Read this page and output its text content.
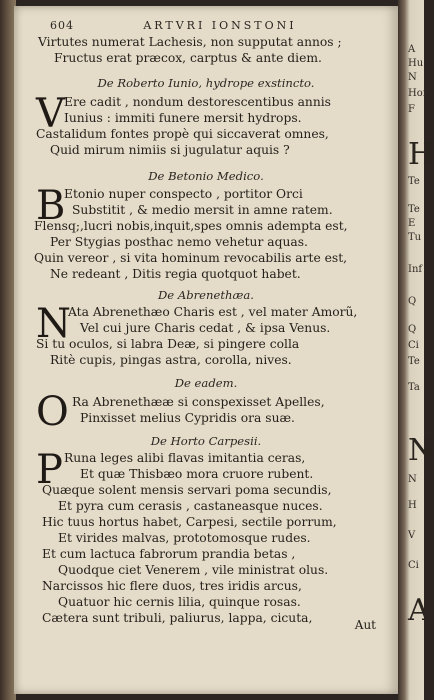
604	ARTVRI IONSTONI
Virtutes numerat Lachesis, non supputat annos ;
Fructus erat præcox, carptus & ante diem.
De Roberto Iunio, hydrope exstincto.
V Ere cadit , nondum destorescentibus annis
Iunius : immiti funere mersit hydrops.
Castalidum fontes propè qui siccaverat omnes,
Quid mirum nimiis si jugulatur aquis ?
De Betonio Medico.
B
Etonio nuper conspecto , portitor Orci
Substitit , & medio mersit in amne ratem.
Flensq;,lucri nobis,inquit,spes omnis adempta est,
Per Stygias posthac nemo vehetur aquas.
Quin vereor , si vita hominum revocabilis arte est,
Ne redeant , Ditis regia quotquot habet.
De Abrenethæa.
N
Ata Abrenethæo Charis est , vel mater Amorũ,
Vel cui jure Charis cedat , & ipsa Venus.
Si tu oculos, si labra Deæ, si pingere colla
Ritè cupis, pingas astra, corolla, nives.
De eadem.
O Ra Abrenethææ si conspexisset Apelles,
Pinxisset melius Cypridis ora suæ.
De Horto Carpesii.
P Runa leges alibi flavas imitantia ceras,
Et quæ Thisbæo mora cruore rubent.
Quæque solent mensis servari poma secundis,
Et pyra cum cerasis , castaneasque nuces.
Hic tuus hortus habet, Carpesi, sectile porrum,
Et virides malvas, prototomosque rudes.
Et cum lactuca fabrorum prandia betas ,
Quodque ciet Venerem , vile ministrat olus.
Narcissos hic flere duos, tres iridis arcus,
Quatuor hic cernis lilia, quinque rosas.
Cætera sunt tribuli, paliurus, lappa, cicuta,	Aut
A
Hu
N
Hor
F
H
Te
Te
E
Tu
Inf
Q
Q
Ci
Te
Ta
N
N
H
V
Ci
A
